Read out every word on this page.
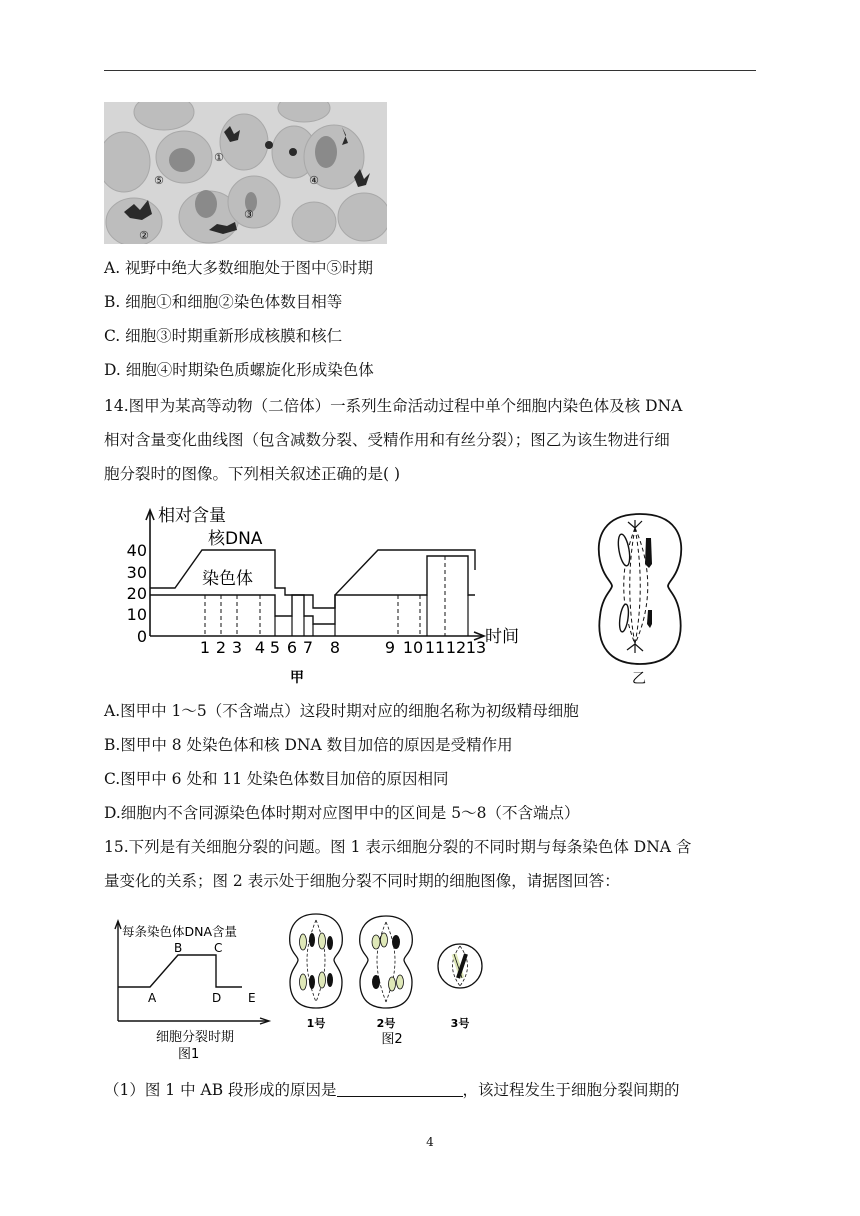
①
②
③
④
⑤
A. 视野中绝大多数细胞处于图中⑤时期
B. 细胞①和细胞②染色体数目相等
C. 细胞③时期重新形成核膜和核仁
D. 细胞④时期染色质螺旋化形成染色体
14.图甲为某高等动物（二倍体）一系列生命活动过程中单个细胞内染色体及核 DNA
相对含量变化曲线图（包含减数分裂、受精作用和有丝分裂）；图乙为该生物进行细
胞分裂时的图像。下列相关叙述正确的是( )
相对含量
时间
40
30
20
10
0
核DNA
染色体
1 2 3 4 5 6 7 8	9 10 11 12 13
甲	乙
A.图甲中 1～5（不含端点）这段时期对应的细胞名称为初级精母细胞
B.图甲中 8 处染色体和核 DNA 数目加倍的原因是受精作用
C.图甲中 6 处和 11 处染色体数目加倍的原因相同
D.细胞内不含同源染色体时期对应图甲中的区间是 5～8（不含端点）
15.下列是有关细胞分裂的问题。图 1 表示细胞分裂的不同时期与每条染色体 DNA 含
量变化的关系；图 2 表示处于细胞分裂不同时期的细胞图像，请据图回答：
每条染色体DNA含量
A
B	C
D E
细胞分裂时期
图1
1号	2号	3号
图2
（1）图 1 中 AB 段形成的原因是	，该过程发生于细胞分裂间期的
4
